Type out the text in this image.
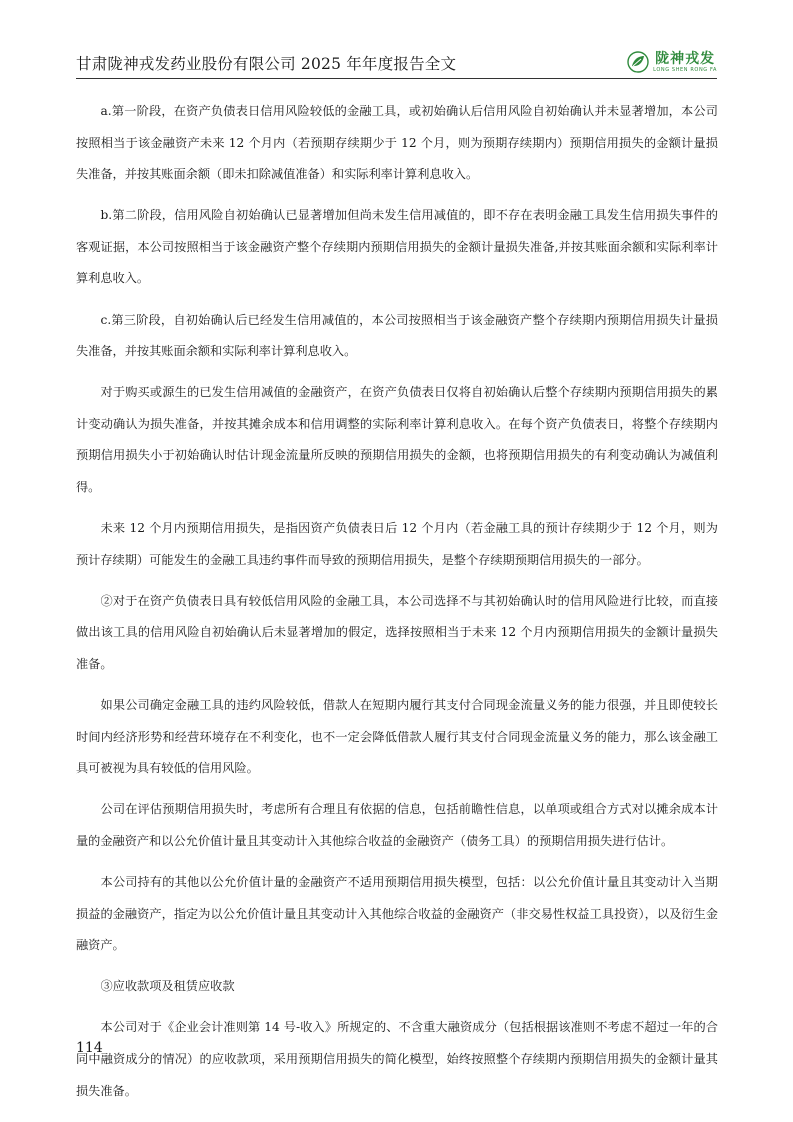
甘肃陇神戎发药业股份有限公司 2025 年年度报告全文	陇神戎发
LONG SHEN RONG FA

a.第一阶段，在资产负债表日信用风险较低的金融工具，或初始确认后信用风险自初始确认并未显著增加，本公司按照相当于该金融资产未来 12 个月内（若预期存续期少于 12 个月，则为预期存续期内）预期信用损失的金额计量损失准备，并按其账面余额（即未扣除减值准备）和实际利率计算利息收入。

b.第二阶段，信用风险自初始确认已显著增加但尚未发生信用减值的，即不存在表明金融工具发生信用损失事件的客观证据，本公司按照相当于该金融资产整个存续期内预期信用损失的金额计量损失准备,并按其账面余额和实际利率计算利息收入。

c.第三阶段，自初始确认后已经发生信用减值的，本公司按照相当于该金融资产整个存续期内预期信用损失计量损失准备，并按其账面余额和实际利率计算利息收入。

对于购买或源生的已发生信用减值的金融资产，在资产负债表日仅将自初始确认后整个存续期内预期信用损失的累计变动确认为损失准备，并按其摊余成本和信用调整的实际利率计算利息收入。在每个资产负债表日，将整个存续期内预期信用损失小于初始确认时估计现金流量所反映的预期信用损失的金额，也将预期信用损失的有利变动确认为减值利得。

未来 12 个月内预期信用损失，是指因资产负债表日后 12 个月内（若金融工具的预计存续期少于 12 个月，则为预计存续期）可能发生的金融工具违约事件而导致的预期信用损失，是整个存续期预期信用损失的一部分。

②对于在资产负债表日具有较低信用风险的金融工具，本公司选择不与其初始确认时的信用风险进行比较，而直接做出该工具的信用风险自初始确认后未显著增加的假定，选择按照相当于未来 12 个月内预期信用损失的金额计量损失准备。

如果公司确定金融工具的违约风险较低，借款人在短期内履行其支付合同现金流量义务的能力很强，并且即使较长时间内经济形势和经营环境存在不利变化，也不一定会降低借款人履行其支付合同现金流量义务的能力，那么该金融工具可被视为具有较低的信用风险。

公司在评估预期信用损失时，考虑所有合理且有依据的信息，包括前瞻性信息，以单项或组合方式对以摊余成本计量的金融资产和以公允价值计量且其变动计入其他综合收益的金融资产（债务工具）的预期信用损失进行估计。

本公司持有的其他以公允价值计量的金融资产不适用预期信用损失模型，包括：以公允价值计量且其变动计入当期损益的金融资产，指定为以公允价值计量且其变动计入其他综合收益的金融资产（非交易性权益工具投资），以及衍生金融资产。

③应收款项及租赁应收款

本公司对于《企业会计准则第 14 号-收入》所规定的、不含重大融资成分（包括根据该准则不考虑不超过一年的合同中融资成分的情况）的应收款项，采用预期信用损失的简化模型，始终按照整个存续期内预期信用损失的金额计量其损失准备。

114
